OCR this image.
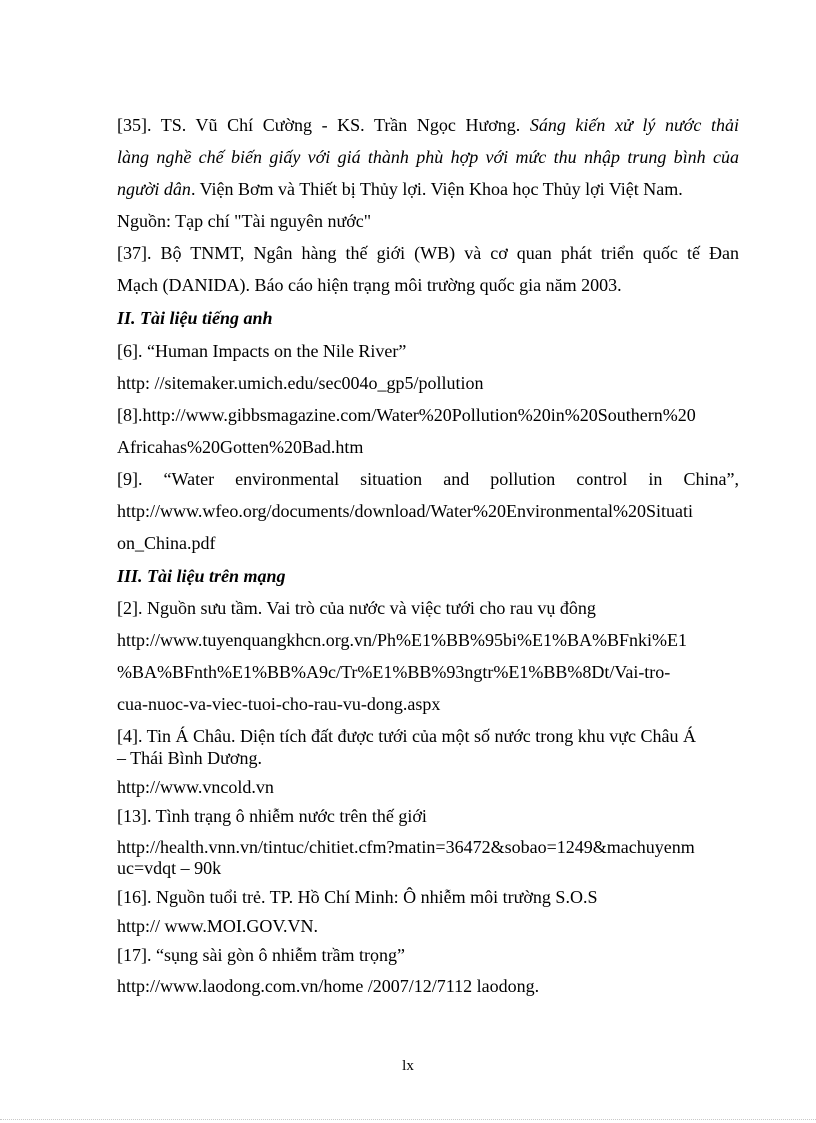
[35]. TS. Vũ Chí Cường - KS. Trần Ngọc Hương. Sáng kiến xử lý nước thải
làng nghề chế biến giấy với giá thành phù hợp với mức thu nhập trung bình của
người dân. Viện Bơm và Thiết bị Thủy lợi. Viện Khoa học Thủy lợi Việt Nam.
Nguồn: Tạp chí "Tài nguyên nước"
[37]. Bộ TNMT, Ngân hàng thế giới (WB) và cơ quan phát triển quốc tế Đan
Mạch (DANIDA). Báo cáo hiện trạng môi trường quốc gia năm 2003.
II. Tài liệu tiếng anh
[6]. “Human Impacts on the Nile River”
http: //sitemaker.umich.edu/sec004o_gp5/pollution
[8].http://www.gibbsmagazine.com/Water%20Pollution%20in%20Southern%20
Africahas%20Gotten%20Bad.htm
[9]. “Water environmental situation and pollution control in China”,
http://www.wfeo.org/documents/download/Water%20Environmental%20Situati
on_China.pdf
III. Tài liệu trên mạng
[2]. Nguồn sưu tầm. Vai trò của nước và việc tưới cho rau vụ đông
http://www.tuyenquangkhcn.org.vn/Ph%E1%BB%95bi%E1%BA%BFnki%E1
%BA%BFnth%E1%BB%A9c/Tr%E1%BB%93ngtr%E1%BB%8Dt/Vai-tro-
cua-nuoc-va-viec-tuoi-cho-rau-vu-dong.aspx
[4]. Tin Á Châu. Diện tích đất được tưới của một số nước trong khu vực Châu Á
– Thái Bình Dương.
http://www.vncold.vn
[13]. Tình trạng ô nhiễm nước trên thế giới
http://health.vnn.vn/tintuc/chitiet.cfm?matin=36472&sobao=1249&machuyenm
uc=vdqt – 90k
[16]. Nguồn tuổi trẻ. TP. Hồ Chí Minh: Ô nhiễm môi trường S.O.S
http:// www.MOI.GOV.VN.
[17]. “sụng sài gòn ô nhiễm trầm trọng”
http://www.laodong.com.vn/home /2007/12/7112 laodong.
lx
